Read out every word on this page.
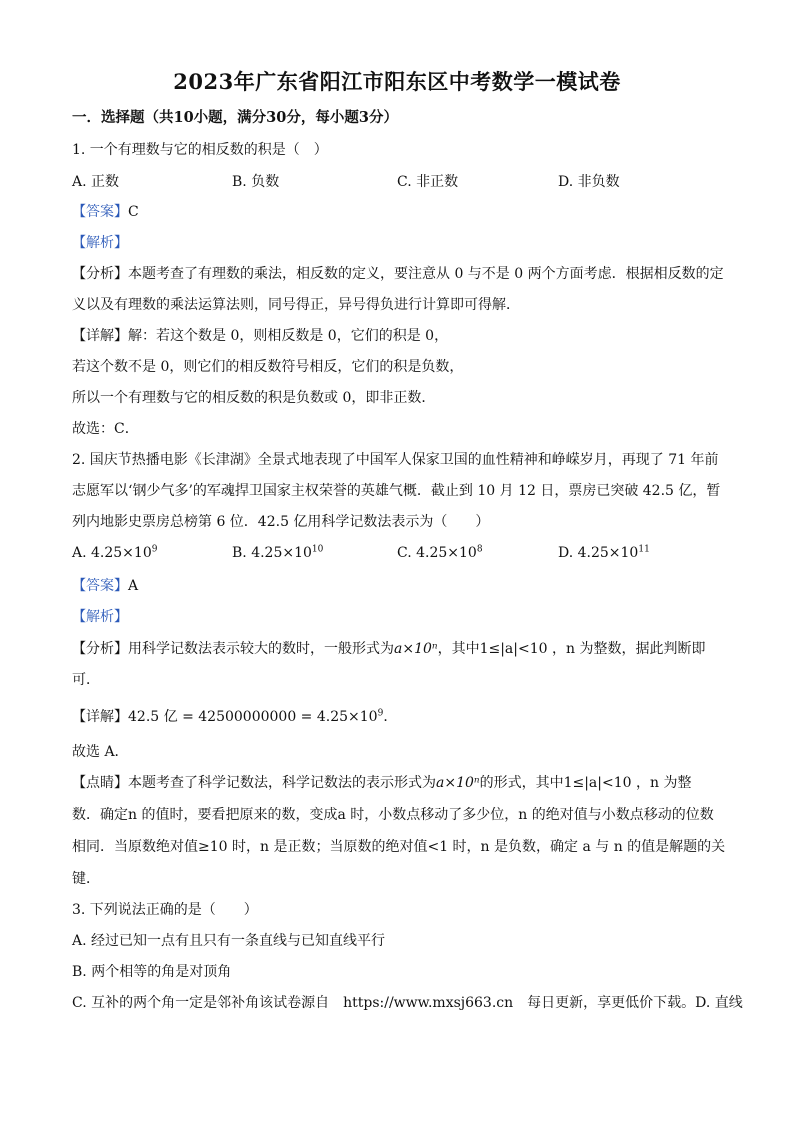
2023年广东省阳江市阳东区中考数学一模试卷
一．选择题（共10小题，满分30分，每小题3分）
1. 一个有理数与它的相反数的积是（　）
A. 正数	B. 负数	C. 非正数	D. 非负数
【答案】C
【解析】
【分析】本题考查了有理数的乘法，相反数的定义，要注意从 0 与不是 0 两个方面考虑．根据相反数的定
义以及有理数的乘法运算法则，同号得正，异号得负进行计算即可得解．
【详解】解：若这个数是 0，则相反数是 0，它们的积是 0，
若这个数不是 0，则它们的相反数符号相反，它们的积是负数，
所以一个有理数与它的相反数的积是负数或 0，即非正数．
故选：C．
2. 国庆节热播电影《长津湖》全景式地表现了中国军人保家卫国的血性精神和峥嵘岁月，再现了 71 年前
志愿军以‘钢少气多’的军魂捍卫国家主权荣誉的英雄气概．截止到 10 月 12 日，票房已突破 42.5 亿，暂
列内地影史票房总榜第 6 位．42.5 亿用科学记数法表示为（　　）
A. $4.25\times 10^9$	B. $4.25\times 10^{10}$	C. $4.25\times 10^8$	D. $4.25\times 10^{11}$
【答案】A
【解析】
【分析】用科学记数法表示较大的数时，一般形式为a×10ⁿ，其中1≤|a|<10 ，n 为整数，据此判断即
可．
【详解】42.5 亿 = $42500000000 = 4.25\times 10^9$．
故选 A．
【点睛】本题考查了科学记数法，科学记数法的表示形式为a×10ⁿ的形式，其中1≤|a|<10 ，n 为整
数．确定n 的值时，要看把原来的数，变成a 时，小数点移动了多少位，n 的绝对值与小数点移动的位数
相同．当原数绝对值≥10 时，n 是正数；当原数的绝对值<1 时，n 是负数，确定 a 与 n 的值是解题的关
键．
3. 下列说法正确的是（　　）
A. 经过已知一点有且只有一条直线与已知直线平行
B. 两个相等的角是对顶角
C. 互补的两个角一定是邻补角该试卷源自　https://www.mxsj663.cn　每日更新，享更低价下载。D. 直线
